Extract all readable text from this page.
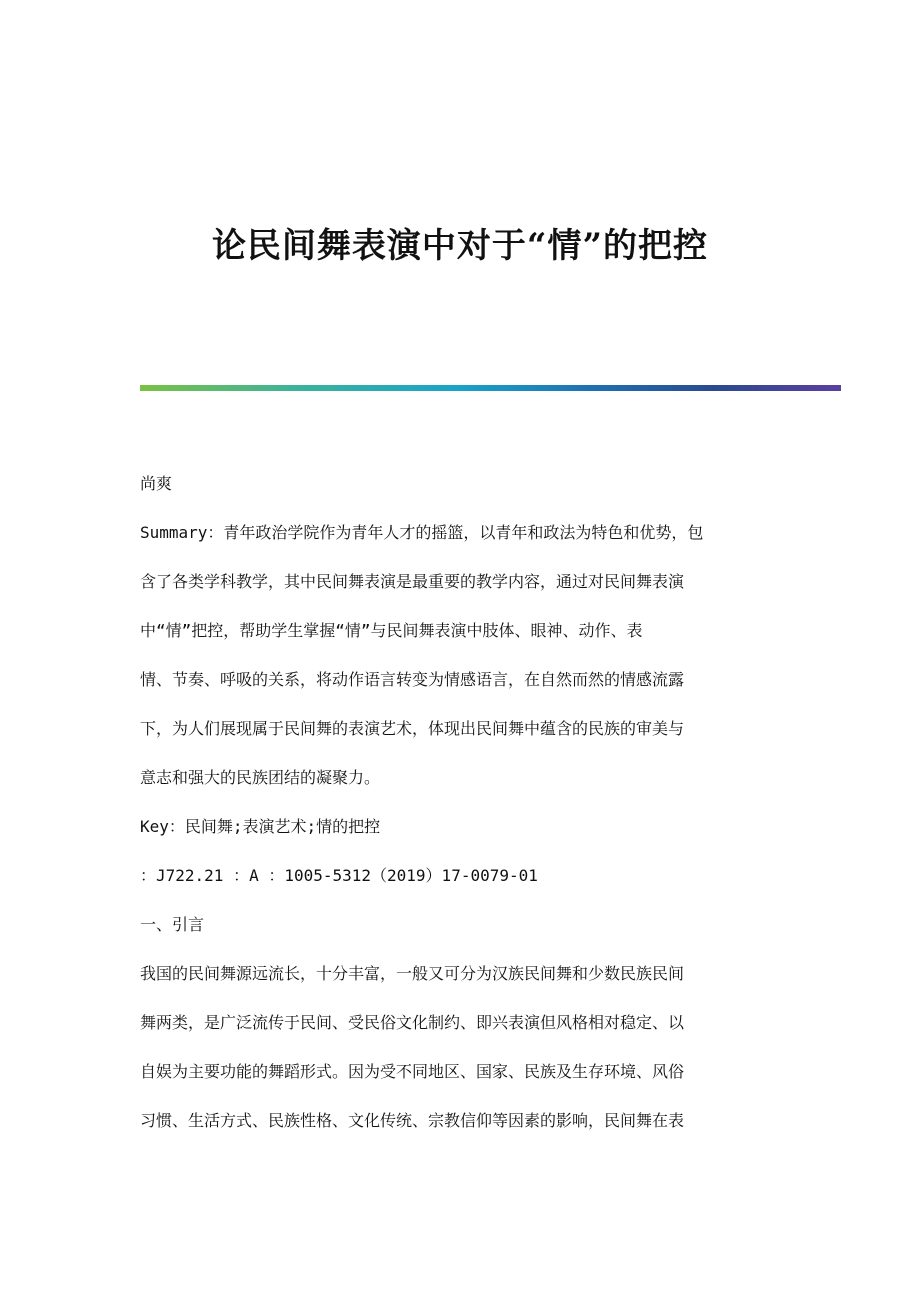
论民间舞表演中对于“情”的把控
尚爽
Summary：青年政治学院作为青年人才的摇篮，以青年和政法为特色和优势，包
含了各类学科教学，其中民间舞表演是最重要的教学内容，通过对民间舞表演
中“情”把控，帮助学生掌握“情”与民间舞表演中肢体、眼神、动作、表
情、节奏、呼吸的关系，将动作语言转变为情感语言，在自然而然的情感流露
下，为人们展现属于民间舞的表演艺术，体现出民间舞中蕴含的民族的审美与
意志和强大的民族团结的凝聚力。
Key：民间舞;表演艺术;情的把控
：J722.21 ：A ：1005-5312（2019）17-0079-01
一、引言
我国的民间舞源远流长，十分丰富，一般又可分为汉族民间舞和少数民族民间
舞两类，是广泛流传于民间、受民俗文化制约、即兴表演但风格相对稳定、以
自娱为主要功能的舞蹈形式。因为受不同地区、国家、民族及生存环境、风俗
习惯、生活方式、民族性格、文化传统、宗教信仰等因素的影响，民间舞在表
